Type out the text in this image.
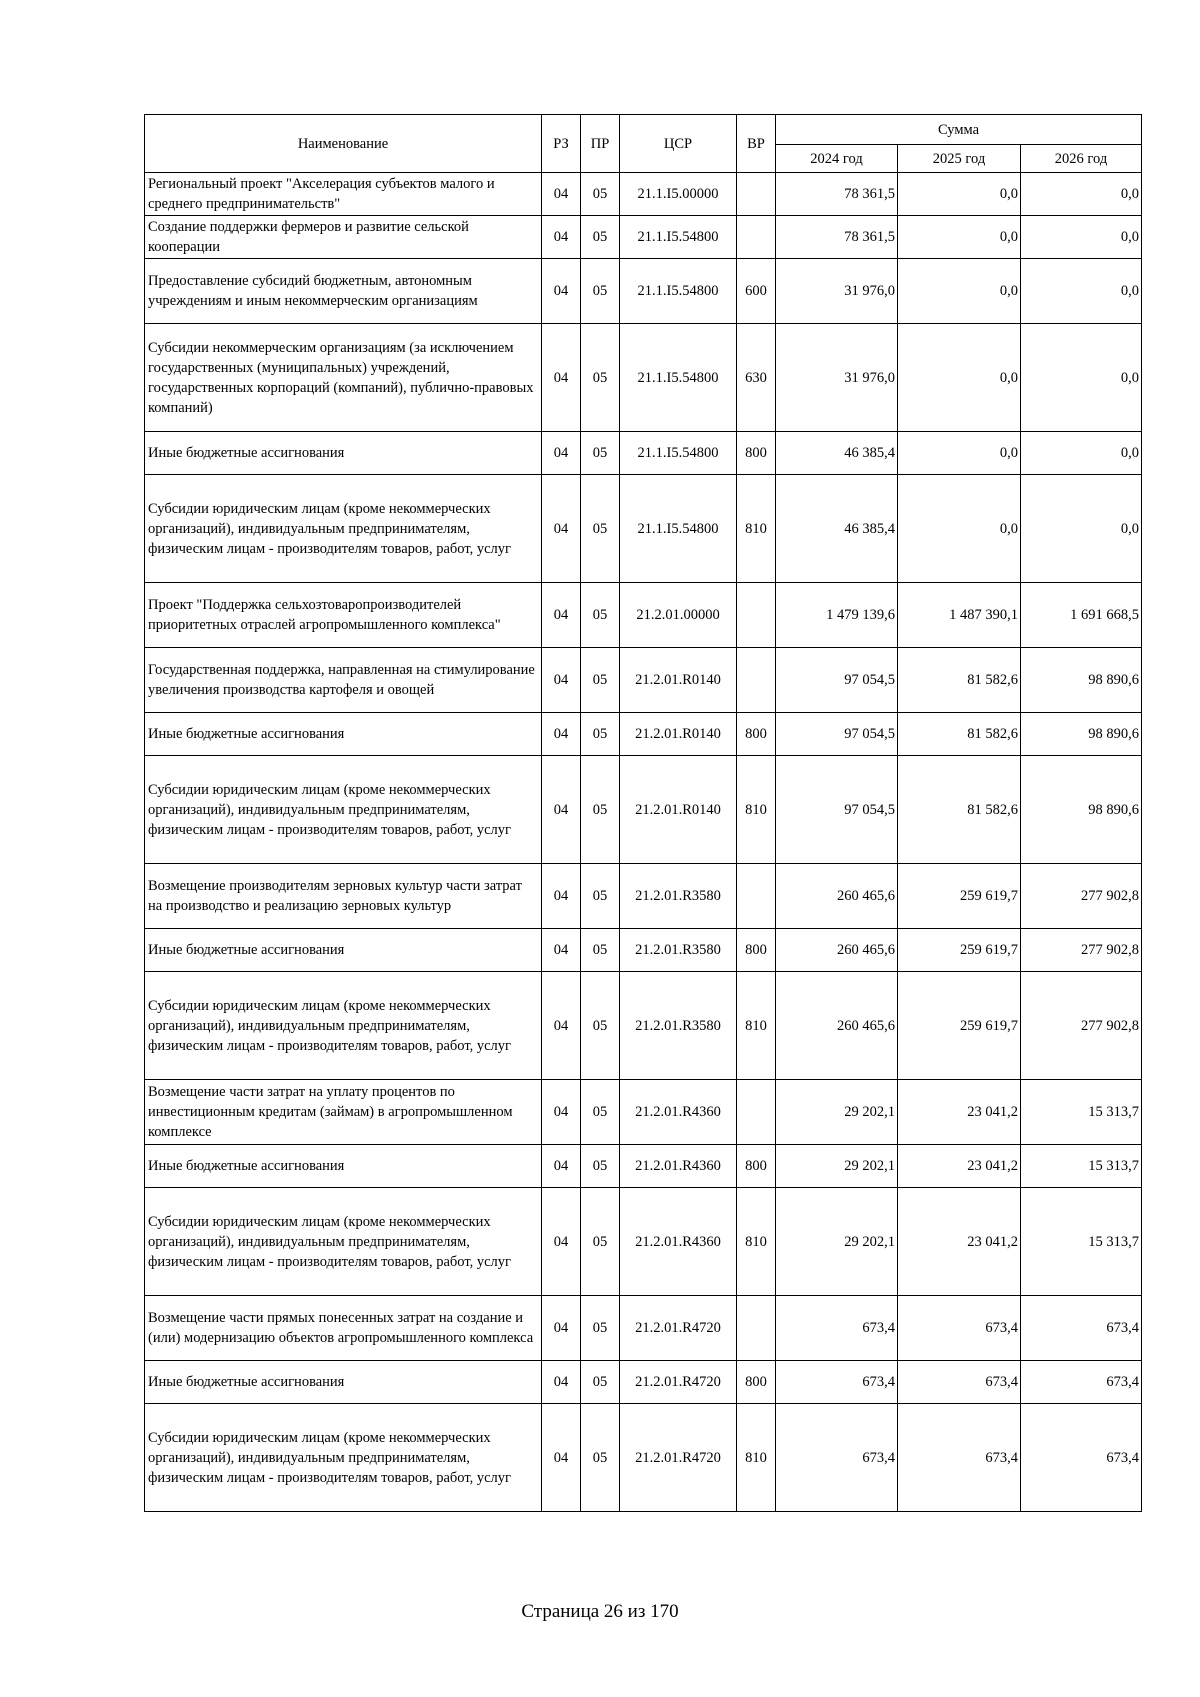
Наименование	РЗ	ПР	ЦСР	ВР	Сумма		
					2024 год	2025 год	2026 год
Региональный проект "Акселерация субъектов малого и среднего предпринимательств"	04	05	21.1.I5.00000		78 361,5	0,0	0,0
Создание поддержки фермеров и развитие сельской кооперации	04	05	21.1.I5.54800		78 361,5	0,0	0,0
Предоставление субсидий бюджетным, автономным учреждениям и иным некоммерческим организациям	04	05	21.1.I5.54800	600	31 976,0	0,0	0,0
Субсидии некоммерческим организациям (за исключением государственных (муниципальных) учреждений, государственных корпораций (компаний), публично-правовых компаний)	04	05	21.1.I5.54800	630	31 976,0	0,0	0,0
Иные бюджетные ассигнования	04	05	21.1.I5.54800	800	46 385,4	0,0	0,0
Субсидии юридическим лицам (кроме некоммерческих организаций), индивидуальным предпринимателям, физическим лицам - производителям товаров, работ, услуг	04	05	21.1.I5.54800	810	46 385,4	0,0	0,0
Проект "Поддержка сельхозтоваропроизводителей приоритетных отраслей агропромышленного комплекса"	04	05	21.2.01.00000		1 479 139,6	1 487 390,1	1 691 668,5
Государственная поддержка, направленная на стимулирование увеличения производства картофеля и овощей	04	05	21.2.01.R0140		97 054,5	81 582,6	98 890,6
Иные бюджетные ассигнования	04	05	21.2.01.R0140	800	97 054,5	81 582,6	98 890,6
Субсидии юридическим лицам (кроме некоммерческих организаций), индивидуальным предпринимателям, физическим лицам - производителям товаров, работ, услуг	04	05	21.2.01.R0140	810	97 054,5	81 582,6	98 890,6
Возмещение производителям зерновых культур части затрат на производство и реализацию зерновых культур	04	05	21.2.01.R3580		260 465,6	259 619,7	277 902,8
Иные бюджетные ассигнования	04	05	21.2.01.R3580	800	260 465,6	259 619,7	277 902,8
Субсидии юридическим лицам (кроме некоммерческих организаций), индивидуальным предпринимателям, физическим лицам - производителям товаров, работ, услуг	04	05	21.2.01.R3580	810	260 465,6	259 619,7	277 902,8
Возмещение части затрат на уплату процентов по инвестиционным кредитам (займам) в агропромышленном комплексе	04	05	21.2.01.R4360		29 202,1	23 041,2	15 313,7
Иные бюджетные ассигнования	04	05	21.2.01.R4360	800	29 202,1	23 041,2	15 313,7
Субсидии юридическим лицам (кроме некоммерческих организаций), индивидуальным предпринимателям, физическим лицам - производителям товаров, работ, услуг	04	05	21.2.01.R4360	810	29 202,1	23 041,2	15 313,7
Возмещение части прямых понесенных затрат на создание и (или) модернизацию объектов агропромышленного комплекса	04	05	21.2.01.R4720		673,4	673,4	673,4
Иные бюджетные ассигнования	04	05	21.2.01.R4720	800	673,4	673,4	673,4
Субсидии юридическим лицам (кроме некоммерческих организаций), индивидуальным предпринимателям, физическим лицам - производителям товаров, работ, услуг	04	05	21.2.01.R4720	810	673,4	673,4	673,4
Страница 26 из 170
